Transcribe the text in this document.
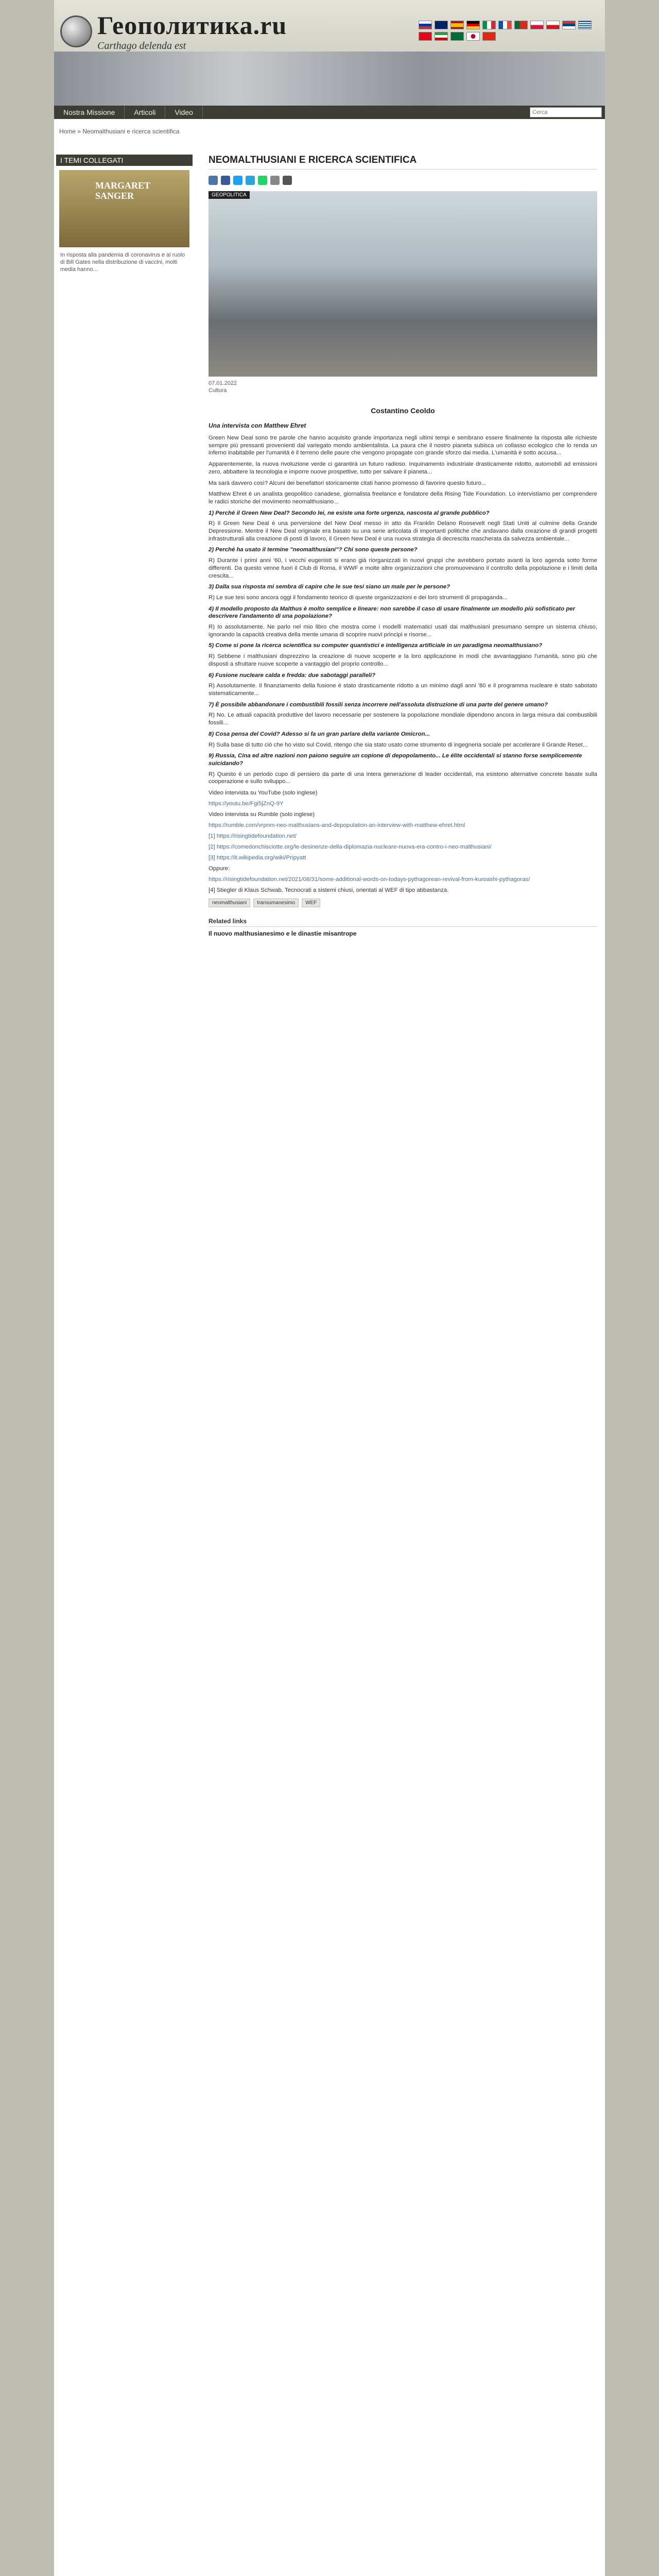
Геополитика.ru
Carthago delenda est
Nostra Missione	Articoli	Video
Cerca
Home » Neomalthusiani e ricerca scientifica
I TEMI COLLEGATI
MARGARET SANGER
In risposta alla pandemia di coronavirus e al ruolo di Bill Gates nella distribuzione di vaccini, molti media hanno...
NEOMALTHUSIANI E RICERCA SCIENTIFICA
GEOPOLITICA
07.01.2022
Cultura
Costantino Ceoldo
Una intervista con Matthew Ehret

Green New Deal sono tre parole che hanno acquisito grande importanza negli ultimi tempi e sembrano essere finalmente la risposta alle richieste sempre più pressanti provenienti dal variegato mondo ambientalista. La paura che il nostro pianeta subisca un collasso ecologico che lo renda un inferno inabitabile per l'umanità è il terreno delle paure che vengono propagate con grande sforzo dai media. L'umanità è sotto accusa...

Apparentemente, la nuova rivoluzione verde ci garantirà un futuro radioso. Inquinamento industriale drasticamente ridotto, automobili ad emissioni zero, abbattere la tecnologia e imporre nuove prospettive, tutto per salvare il pianeta...

Ma sarà davvero così? Alcuni dei benefattori storicamente citati hanno promesso di favorire questo futuro...

Matthew Ehret è un analista geopolitico canadese, giornalista freelance e fondatore della Rising Tide Foundation. Lo intervistiamo per comprendere le radici storiche del movimento neomalthusiano...

1) Perché il Green New Deal? Secondo lei, ne esiste una forte urgenza, nascosta al grande pubblico?

R) Il Green New Deal è una perversione del New Deal messo in atto da Franklin Delano Roosevelt negli Stati Uniti al culmine della Grande Depressione. Mentre il New Deal originale era basato su una serie articolata di importanti politiche che andavano dalla creazione di grandi progetti infrastrutturali alla creazione di posti di lavoro, il Green New Deal è una nuova strategia di decrescita mascherata da salvezza ambientale...

2) Perché ha usato il termine "neomalthusiani"? Chi sono queste persone?

R) Durante i primi anni '60, i vecchi eugenisti si erano già riorganizzati in nuovi gruppi che avrebbero portato avanti la loro agenda sotto forme differenti. Da questo venne fuori il Club di Roma, il WWF e molte altre organizzazioni che promuovevano il controllo della popolazione e i limiti della crescita...

3) Dalla sua risposta mi sembra di capire che le sue tesi siano un male per le persone?

R) Le sue tesi sono ancora oggi il fondamento teorico di queste organizzazioni e dei loro strumenti di propaganda...

4) Il modello proposto da Malthus è molto semplice e lineare: non sarebbe il caso di usare finalmente un modello più sofisticato per descrivere l'andamento di una popolazione?

R) Io assolutamente. Ne parlo nel mio libro che mostra come i modelli matematici usati dai malthusiani presumano sempre un sistema chiuso, ignorando la capacità creativa della mente umana di scoprire nuovi principi e risorse...

5) Come si pone la ricerca scientifica su computer quantistici e intelligenza artificiale in un paradigma neomalthusiano?

R) Sebbene i malthusiani disprezzino la creazione di nuove scoperte e la loro applicazione in modi che avvantaggiano l'umanità, sono più che disposti a sfruttare nuove scoperte a vantaggio del proprio controllo...

6) Fusione nucleare calda e fredda: due sabotaggi paralleli?

R) Assolutamente. Il finanziamento della fusione è stato drasticamente ridotto a un minimo dagli anni '80 e il programma nucleare è stato sabotato sistematicamente...

7) È possibile abbandonare i combustibili fossili senza incorrere nell'assoluta distruzione di una parte del genere umano?

R) No. Le attuali capacità produttive del lavoro necessarie per sostenere la popolazione mondiale dipendono ancora in larga misura dai combustibili fossili...

8) Cosa pensa del Covid? Adesso si fa un gran parlare della variante Omicron...

R) Sulla base di tutto ciò che ho visto sul Covid, ritengo che sia stato usato come strumento di ingegneria sociale per accelerare il Grande Reset...

9) Russia, Cina ed altre nazioni non paiono seguire un copione di depopolamento... Le élite occidentali si stanno forse semplicemente suicidando?

R) Questo è un periodo cupo di pensiero da parte di una intera generazione di leader occidentali, ma esistono alternative concrete basate sulla cooperazione e sullo sviluppo...

Video intervista su YouTube (solo inglese)

https://youtu.be/Fgi5jZnQ-9Y

Video intervista su Rumble (solo inglese)

https://rumble.com/vrpnm-neo-malthusians-and-depopulation-an-interview-with-matthew-ehret.html

[1] https://risingtidefoundation.net/

[2] https://comedonchisciotte.org/le-desinenze-della-diplomazia-nucleare-nuova-era-contro-i-neo-malthusiani/

[3] https://it.wikipedia.org/wiki/Pripyatt

Oppure:

https://risingtidefoundation.net/2021/08/31/some-additional-words-on-todays-pythagorean-revival-from-kuroashi-pythagoras/

[4] Stiegler di Klaus Schwab. Tecnocrati a sistemi chiusi, orientati al WEF di tipo abbastanza.

neomalthusiani	transumanesimo	WEF
Related links
Il nuovo malthusianesimo e le dinastie misantrope
